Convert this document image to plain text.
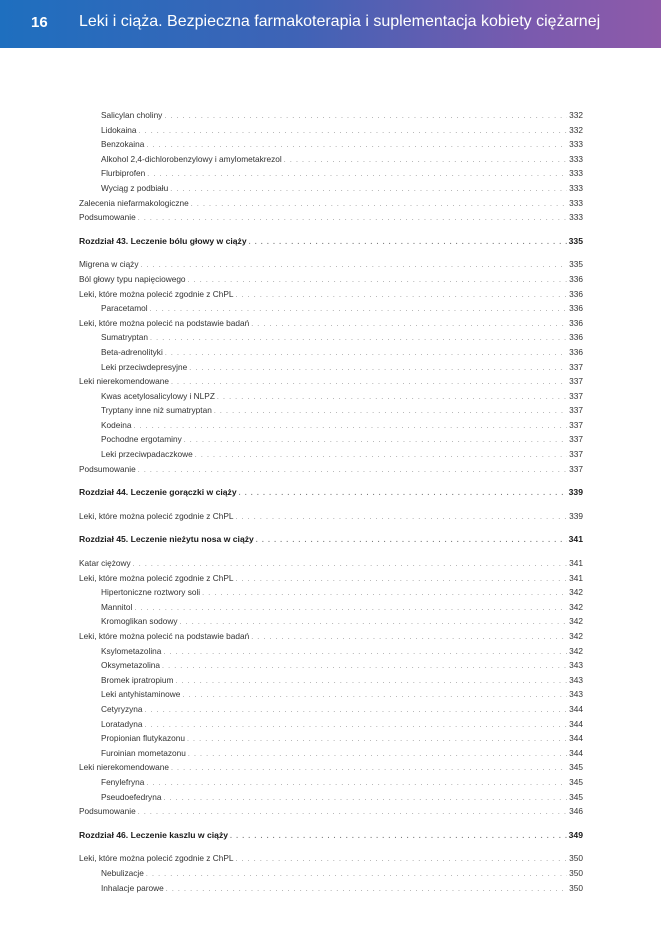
16 Leki i ciąża. Bezpieczna farmakoterapia i suplementacja kobiety ciężarnej
Salicylan choliny . . .	332
Lidokaina . . .	332
Benzokaina . . .	333
Alkohol 2,4-dichlorobenzylowy i amylometakrezol . . .	333
Flurbiprofen . . .	333
Wyciąg z podbiału . . .	333
Zalecenia niefarmakologiczne . . .	333
Podsumowanie . . .	333
Rozdział 43. Leczenie bólu głowy w ciąży . . .	335
Migrena w ciąży . . .	335
Ból głowy typu napięciowego . . .	336
Leki, które można polecić zgodnie z ChPL . . .	336
Paracetamol . . .	336
Leki, które można polecić na podstawie badań . . .	336
Sumatryptan . . .	336
Beta-adrenolityki . . .	336
Leki przeciwdepresyjne . . .	337
Leki nierekomendowane . . .	337
Kwas acetylosalicylowy i NLPZ . . .	337
Tryptany inne niż sumatryptan . . .	337
Kodeina . . .	337
Pochodne ergotaminy . . .	337
Leki przeciwpadaczkowe . . .	337
Podsumowanie . . .	337
Rozdział 44. Leczenie gorączki w ciąży . . .	339
Leki, które można polecić zgodnie z ChPL . . .	339
Rozdział 45. Leczenie nieżytu nosa w ciąży . . .	341
Katar ciężowy . . .	341
Leki, które można polecić zgodnie z ChPL . . .	341
Hipertoniczne roztwory soli . . .	342
Mannitol . . .	342
Kromoglikan sodowy . . .	342
Leki, które można polecić na podstawie badań . . .	342
Ksylometazolina . . .	342
Oksymetazolina . . .	343
Bromek ipratropium . . .	343
Leki antyhistaminowe . . .	343
Cetyryzyna . . .	344
Loratadyna . . .	344
Propionian flutykazonu . . .	344
Furoinian mometazonu . . .	344
Leki nierekomendowane . . .	345
Fenylefryna . . .	345
Pseudoefedryna . . .	345
Podsumowanie . . .	346
Rozdział 46. Leczenie kaszlu w ciąży . . .	349
Leki, które można polecić zgodnie z ChPL . . .	350
Nebulizacje . . .	350
Inhalacje parowe . . .	350
